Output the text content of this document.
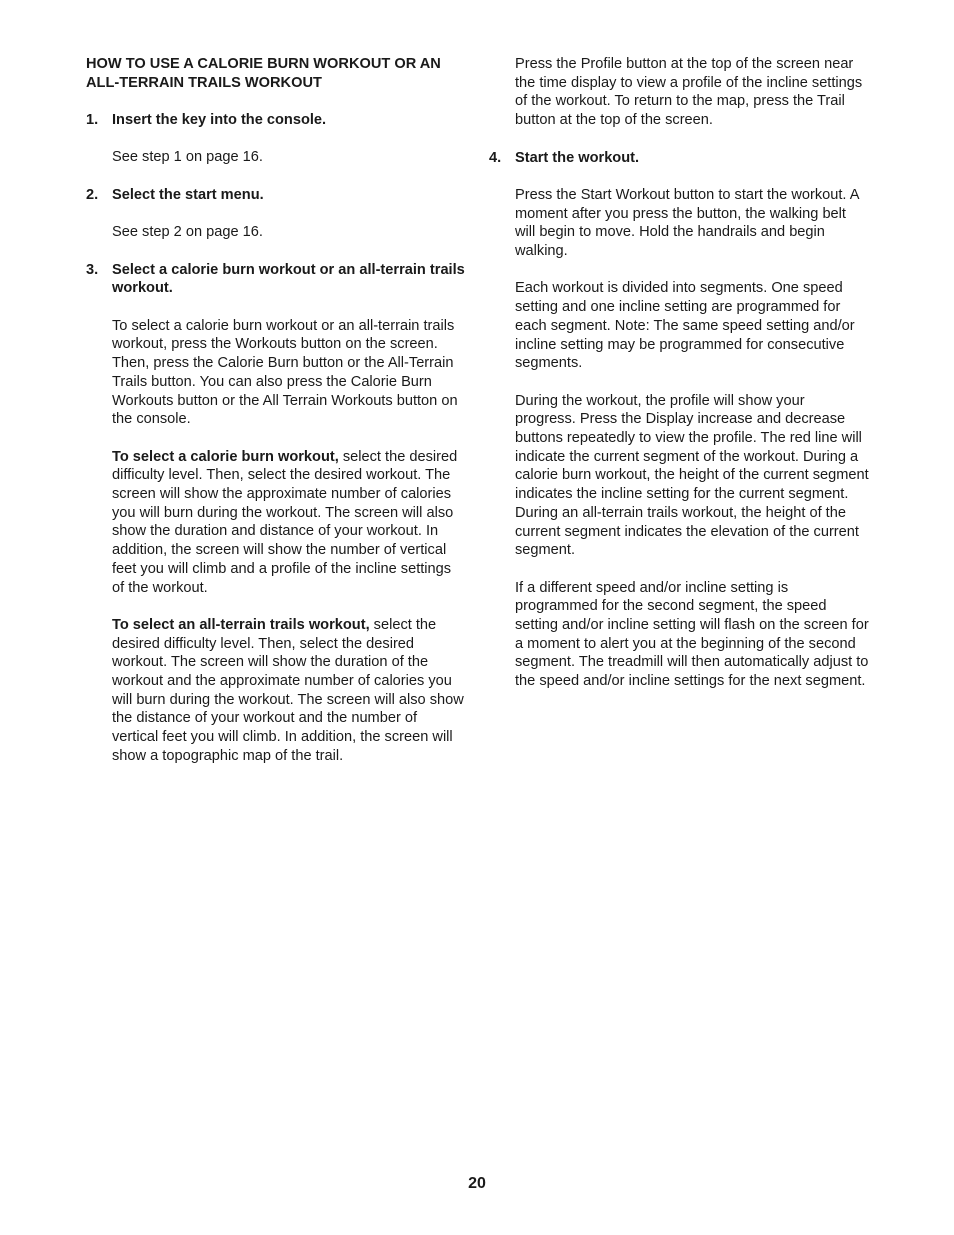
HOW TO USE A CALORIE BURN WORKOUT OR AN ALL-TERRAIN TRAILS WORKOUT

1. Insert the key into the console.

See step 1 on page 16.

2. Select the start menu.

See step 2 on page 16.

3. Select a calorie burn workout or an all-terrain trails workout.

To select a calorie burn workout or an all-terrain trails workout, press the Workouts button on the screen. Then, press the Calorie Burn button or the All-Terrain Trails button. You can also press the Calorie Burn Workouts button or the All Terrain Workouts button on the console.

To select a calorie burn workout, select the desired difficulty level. Then, select the desired workout. The screen will show the approximate number of calories you will burn during the workout. The screen will also show the duration and distance of your workout. In addition, the screen will show the number of vertical feet you will climb and a profile of the incline settings of the workout.

To select an all-terrain trails workout, select the desired difficulty level. Then, select the desired workout. The screen will show the duration of the workout and the approximate number of calories you will burn during the workout. The screen will also show the distance of your workout and the number of vertical feet you will climb. In addition, the screen will show a topographic map of the trail.

Press the Profile button at the top of the screen near the time display to view a profile of the incline settings of the workout. To return to the map, press the Trail button at the top of the screen.

4. Start the workout.

Press the Start Workout button to start the workout. A moment after you press the button, the walking belt will begin to move. Hold the handrails and begin walking.

Each workout is divided into segments. One speed setting and one incline setting are programmed for each segment. Note: The same speed setting and/or incline setting may be programmed for consecutive segments.

During the workout, the profile will show your progress. Press the Display increase and decrease buttons repeatedly to view the profile. The red line will indicate the current segment of the workout. During a calorie burn workout, the height of the current segment indicates the incline setting for the current segment. During an all-terrain trails workout, the height of the current segment indicates the elevation of the current segment.

If a different speed and/or incline setting is programmed for the second segment, the speed setting and/or incline setting will flash on the screen for a moment to alert you at the beginning of the second segment. The treadmill will then automatically adjust to the speed and/or incline settings for the next segment.

20
